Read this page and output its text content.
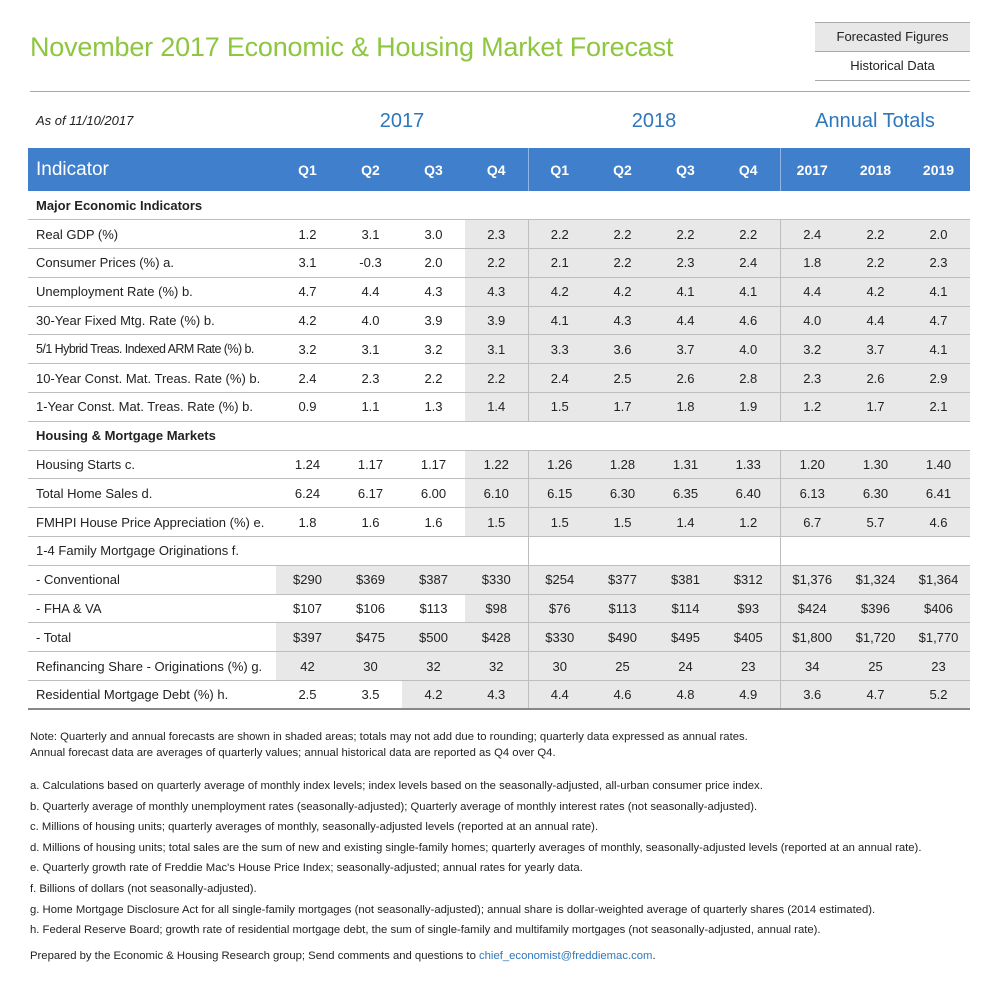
November 2017 Economic & Housing Market Forecast	Forecasted Figures
Historical Data
As of 11/10/2017	2017	2018	Annual Totals
Indicator	Q1	Q2	Q3	Q4	Q1	Q2	Q3	Q4	2017	2018	2019
Major Economic Indicators											
Real GDP (%)	1.2	3.1	3.0	2.3	2.2	2.2	2.2	2.2	2.4	2.2	2.0
Consumer Prices (%) a.	3.1	-0.3	2.0	2.2	2.1	2.2	2.3	2.4	1.8	2.2	2.3
Unemployment Rate (%) b.	4.7	4.4	4.3	4.3	4.2	4.2	4.1	4.1	4.4	4.2	4.1
30-Year Fixed Mtg. Rate (%) b.	4.2	4.0	3.9	3.9	4.1	4.3	4.4	4.6	4.0	4.4	4.7
5/1 Hybrid Treas. Indexed ARM Rate (%) b.	3.2	3.1	3.2	3.1	3.3	3.6	3.7	4.0	3.2	3.7	4.1
10-Year Const. Mat. Treas. Rate (%) b.	2.4	2.3	2.2	2.2	2.4	2.5	2.6	2.8	2.3	2.6	2.9
1-Year Const. Mat. Treas. Rate (%) b.	0.9	1.1	1.3	1.4	1.5	1.7	1.8	1.9	1.2	1.7	2.1
Housing & Mortgage Markets											
Housing Starts c.	1.24	1.17	1.17	1.22	1.26	1.28	1.31	1.33	1.20	1.30	1.40
Total Home Sales d.	6.24	6.17	6.00	6.10	6.15	6.30	6.35	6.40	6.13	6.30	6.41
FMHPI House Price Appreciation (%) e.	1.8	1.6	1.6	1.5	1.5	1.5	1.4	1.2	6.7	5.7	4.6
1-4 Family Mortgage Originations f.											
- Conventional	$290	$369	$387	$330	$254	$377	$381	$312	$1,376	$1,324	$1,364
- FHA & VA	$107	$106	$113	$98	$76	$113	$114	$93	$424	$396	$406
- Total	$397	$475	$500	$428	$330	$490	$495	$405	$1,800	$1,720	$1,770
Refinancing Share - Originations (%) g.	42	30	32	32	30	25	24	23	34	25	23
Residential Mortgage Debt (%) h.	2.5	3.5	4.2	4.3	4.4	4.6	4.8	4.9	3.6	4.7	5.2
Note: Quarterly and annual forecasts are shown in shaded areas; totals may not add due to rounding; quarterly data expressed as annual rates.
Annual forecast data are averages of quarterly values; annual historical data are reported as Q4 over Q4.
a. Calculations based on quarterly average of monthly index levels; index levels based on the seasonally-adjusted, all-urban consumer price index.
b. Quarterly average of monthly unemployment rates (seasonally-adjusted); Quarterly average of monthly interest rates (not seasonally-adjusted).
c. Millions of housing units; quarterly averages of monthly, seasonally-adjusted levels (reported at an annual rate).
d. Millions of housing units; total sales are the sum of new and existing single-family homes; quarterly averages of monthly, seasonally-adjusted levels (reported at an annual rate).
e. Quarterly growth rate of Freddie Mac's House Price Index; seasonally-adjusted; annual rates for yearly data.
f. Billions of dollars (not seasonally-adjusted).
g. Home Mortgage Disclosure Act for all single-family mortgages (not seasonally-adjusted); annual share is dollar-weighted average of quarterly shares (2014 estimated).
h. Federal Reserve Board; growth rate of residential mortgage debt, the sum of single-family and multifamily mortgages (not seasonally-adjusted, annual rate).
Prepared by the Economic & Housing Research group; Send comments and questions to chief_economist@freddiemac.com.
